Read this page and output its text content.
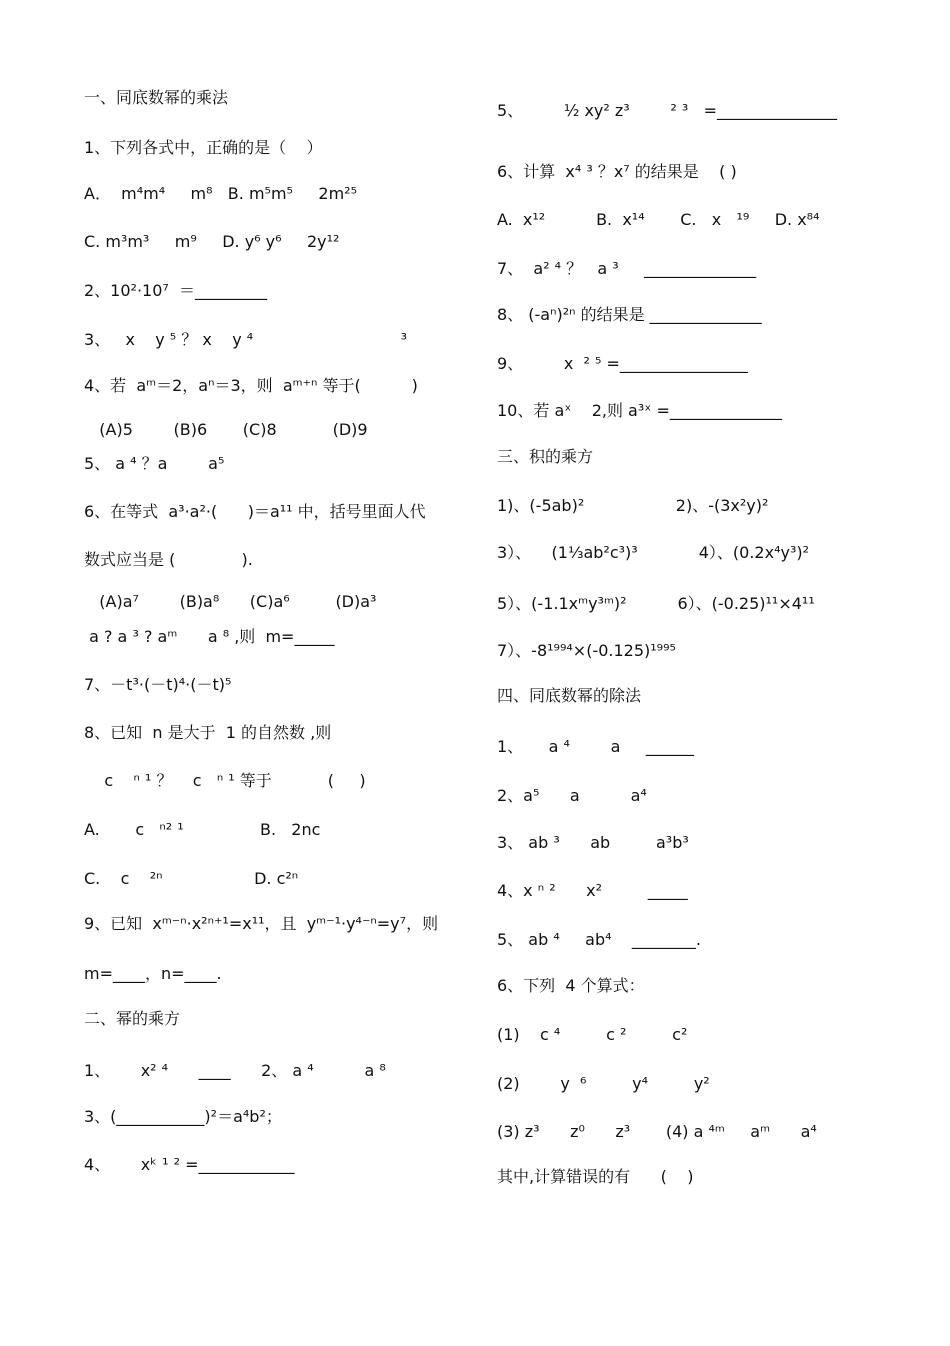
一、同底数幂的乘法
1、下列各式中，正确的是（    ）
A．  m⁴m⁴     m⁸   B. m⁵m⁵     2m²⁵
C. m³m³     m⁹     D. y⁶ y⁶     2y¹²
2、10²·10⁷  ＝_________
3、   x    y ⁵ ？ x    y ⁴                             ³
4、若  aᵐ＝2，aⁿ＝3，则  aᵐ⁺ⁿ 等于(          )
(A)5        (B)6       (C)8           (D)9
5、 a ⁴ ？a        a⁵
6、在等式  a³·a²·(      )＝a¹¹ 中，括号里面人代
数式应当是 (             ).
(A)a⁷        (B)a⁸      (C)a⁶         (D)a³
a ? a ³ ? aᵐ      a ⁸ ,则  m=_____
7、－t³·(－t)⁴·(－t)⁵
8、已知  n 是大于  1 的自然数 ,则
c    ⁿ ¹ ？    c   ⁿ ¹ 等于           (     )
A.       c   ⁿ² ¹               B.   2nc
C.    c    ²ⁿ                  D. c²ⁿ
9、已知  xᵐ⁻ⁿ·x²ⁿ⁺¹=x¹¹，且  yᵐ⁻¹·y⁴⁻ⁿ=y⁷，则
m=____，n=____.
二、幂的乘方
1、      x² ⁴      ____      2、 a ⁴          a ⁸
3、(___________)²＝a⁴b²；
4、      xᵏ ¹ ² =____________
5、        ½ xy² z³        ² ³   =_______________
6、计算  x⁴ ³ ？x⁷ 的结果是    ( )
A.  x¹²          B.  x¹⁴       C.   x   ¹⁹     D. x⁸⁴
7、  a² ⁴ ？   a ³     ______________
8、 (-aⁿ)²ⁿ 的结果是 ______________
9、        x  ² ⁵ =________________
10、若 aˣ    2,则 a³ˣ =______________
三、积的乘方
1)、(-5ab)²                  2)、-(3x²y)²
3）、    (1⅓ab²c³)³            4）、(0.2x⁴y³)²
5）、(-1.1xᵐy³ᵐ)²          6）、(-0.25)¹¹×4¹¹
7）、-8¹⁹⁹⁴×(-0.125)¹⁹⁹⁵
四、同底数幂的除法
1、     a ⁴        a     ______
2、a⁵      a          a⁴
3、 ab ³      ab         a³b³
4、x ⁿ ²      x²         _____
5、 ab ⁴     ab⁴    ________.
6、下列  4 个算式：
(1)    c ⁴         c ²         c²
(2)        y  ⁶         y⁴         y²
(3) z³      z⁰      z³       (4) a ⁴ᵐ     aᵐ      a⁴
其中,计算错误的有      (    )
